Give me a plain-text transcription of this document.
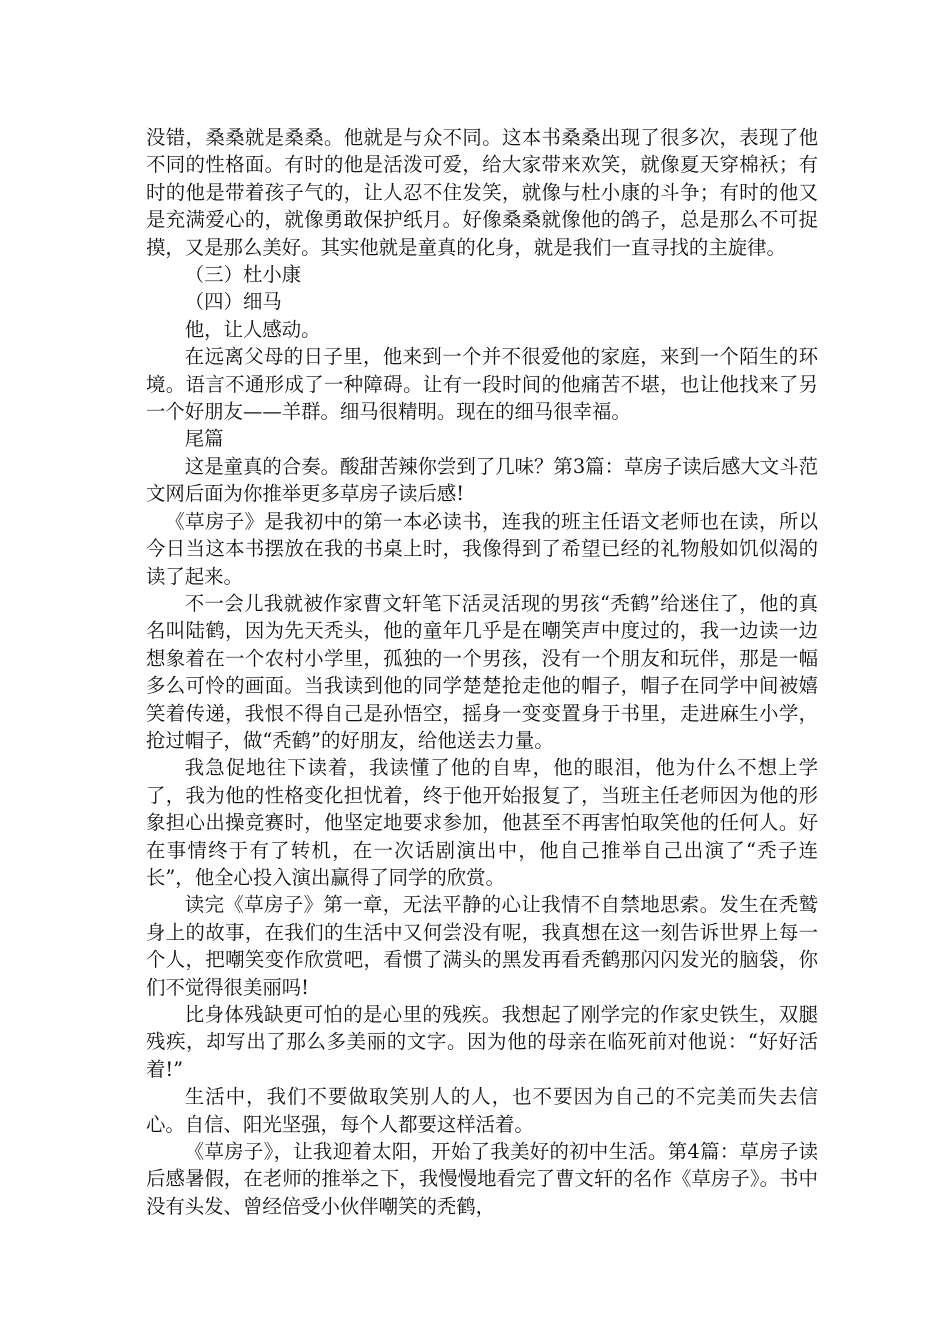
没错，桑桑就是桑桑。他就是与众不同。这本书桑桑出现了很多次，表现了他不同的性格面。有时的他是活泼可爱，给大家带来欢笑，就像夏天穿棉袄；有时的他是带着孩子气的，让人忍不住发笑，就像与杜小康的斗争；有时的他又是充满爱心的，就像勇敢保护纸月。好像桑桑就像他的鸽子，总是那么不可捉摸，又是那么美好。其实他就是童真的化身，就是我们一直寻找的主旋律。

（三）杜小康

（四）细马

他，让人感动。

在远离父母的日子里，他来到一个并不很爱他的家庭，来到一个陌生的环境。语言不通形成了一种障碍。让有一段时间的他痛苦不堪，也让他找来了另一个好朋友——羊群。细马很精明。现在的细马很幸福。

尾篇

这是童真的合奏。酸甜苦辣你尝到了几味？第3篇：草房子读后感大文斗范文网后面为你推举更多草房子读后感!

《草房子》是我初中的第一本必读书，连我的班主任语文老师也在读，所以今日当这本书摆放在我的书桌上时，我像得到了希望已经的礼物般如饥似渴的读了起来。

不一会儿我就被作家曹文轩笔下活灵活现的男孩“秃鹤”给迷住了，他的真名叫陆鹤，因为先天秃头，他的童年几乎是在嘲笑声中度过的，我一边读一边想象着在一个农村小学里，孤独的一个男孩，没有一个朋友和玩伴，那是一幅多么可怜的画面。当我读到他的同学楚楚抢走他的帽子，帽子在同学中间被嬉笑着传递，我恨不得自己是孙悟空，摇身一变变置身于书里，走进麻生小学，抢过帽子，做“秃鹤”的好朋友，给他送去力量。

我急促地往下读着，我读懂了他的自卑，他的眼泪，他为什么不想上学了，我为他的性格变化担忧着，终于他开始报复了，当班主任老师因为他的形象担心出操竞赛时，他坚定地要求参加，他甚至不再害怕取笑他的任何人。好在事情终于有了转机，在一次话剧演出中，他自己推举自己出演了“秃子连长”，他全心投入演出赢得了同学的欣赏。

读完《草房子》第一章，无法平静的心让我情不自禁地思索。发生在秃鹫身上的故事，在我们的生活中又何尝没有呢，我真想在这一刻告诉世界上每一个人，把嘲笑变作欣赏吧，看惯了满头的黑发再看秃鹤那闪闪发光的脑袋，你们不觉得很美丽吗!

比身体残缺更可怕的是心里的残疾。我想起了刚学完的作家史铁生，双腿残疾，却写出了那么多美丽的文字。因为他的母亲在临死前对他说：“好好活着!”

生活中，我们不要做取笑别人的人，也不要因为自己的不完美而失去信心。自信、阳光坚强，每个人都要这样活着。

《草房子》，让我迎着太阳，开始了我美好的初中生活。第4篇：草房子读后感暑假，在老师的推举之下，我慢慢地看完了曹文轩的名作《草房子》。书中没有头发、曾经倍受小伙伴嘲笑的秃鹤，
